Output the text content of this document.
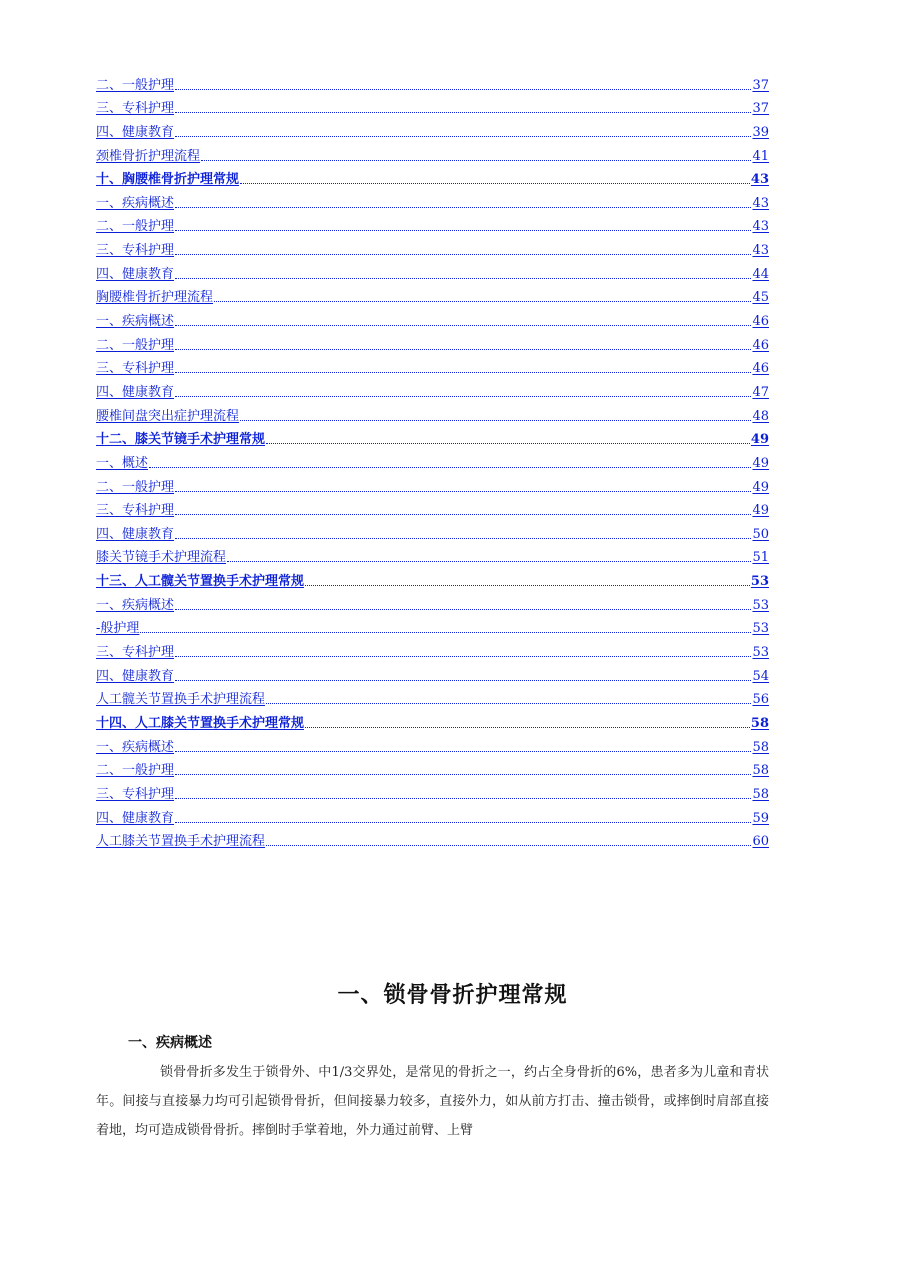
二、一般护理	37
三、专科护理	37
四、健康教育	39
颈椎骨折护理流程	41
十、胸腰椎骨折护理常规	43
一、疾病概述	43
二、一般护理	43
三、专科护理	43
四、健康教育	44
胸腰椎骨折护理流程	45
一、疾病概述	46
二、一般护理	46
三、专科护理	46
四、健康教育	47
腰椎间盘突出症护理流程	48
十二、膝关节镜手术护理常规	49
一、概述	49
二、一般护理	49
三、专科护理	49
四、健康教育	50
膝关节镜手术护理流程	51
十三、人工髋关节置换手术护理常规	53
一、疾病概述	53
-般护理	53
三、专科护理	53
四、健康教育	54
人工髋关节置换手术护理流程	56
十四、人工膝关节置换手术护理常规	58
一、疾病概述	58
二、一般护理	58
三、专科护理	58
四、健康教育	59
人工膝关节置换手术护理流程	60
一、锁骨骨折护理常规
一、疾病概述

锁骨骨折多发生于锁骨外、中1/3交界处，是常见的骨折之一，约占全身骨折的6%，患者多为儿童和青状年。间接与直接暴力均可引起锁骨骨折，但间接暴力较多，直接外力，如从前方打击、撞击锁骨，或摔倒时肩部直接着地，均可造成锁骨骨折。摔倒时手掌着地，外力通过前臂、上臂
